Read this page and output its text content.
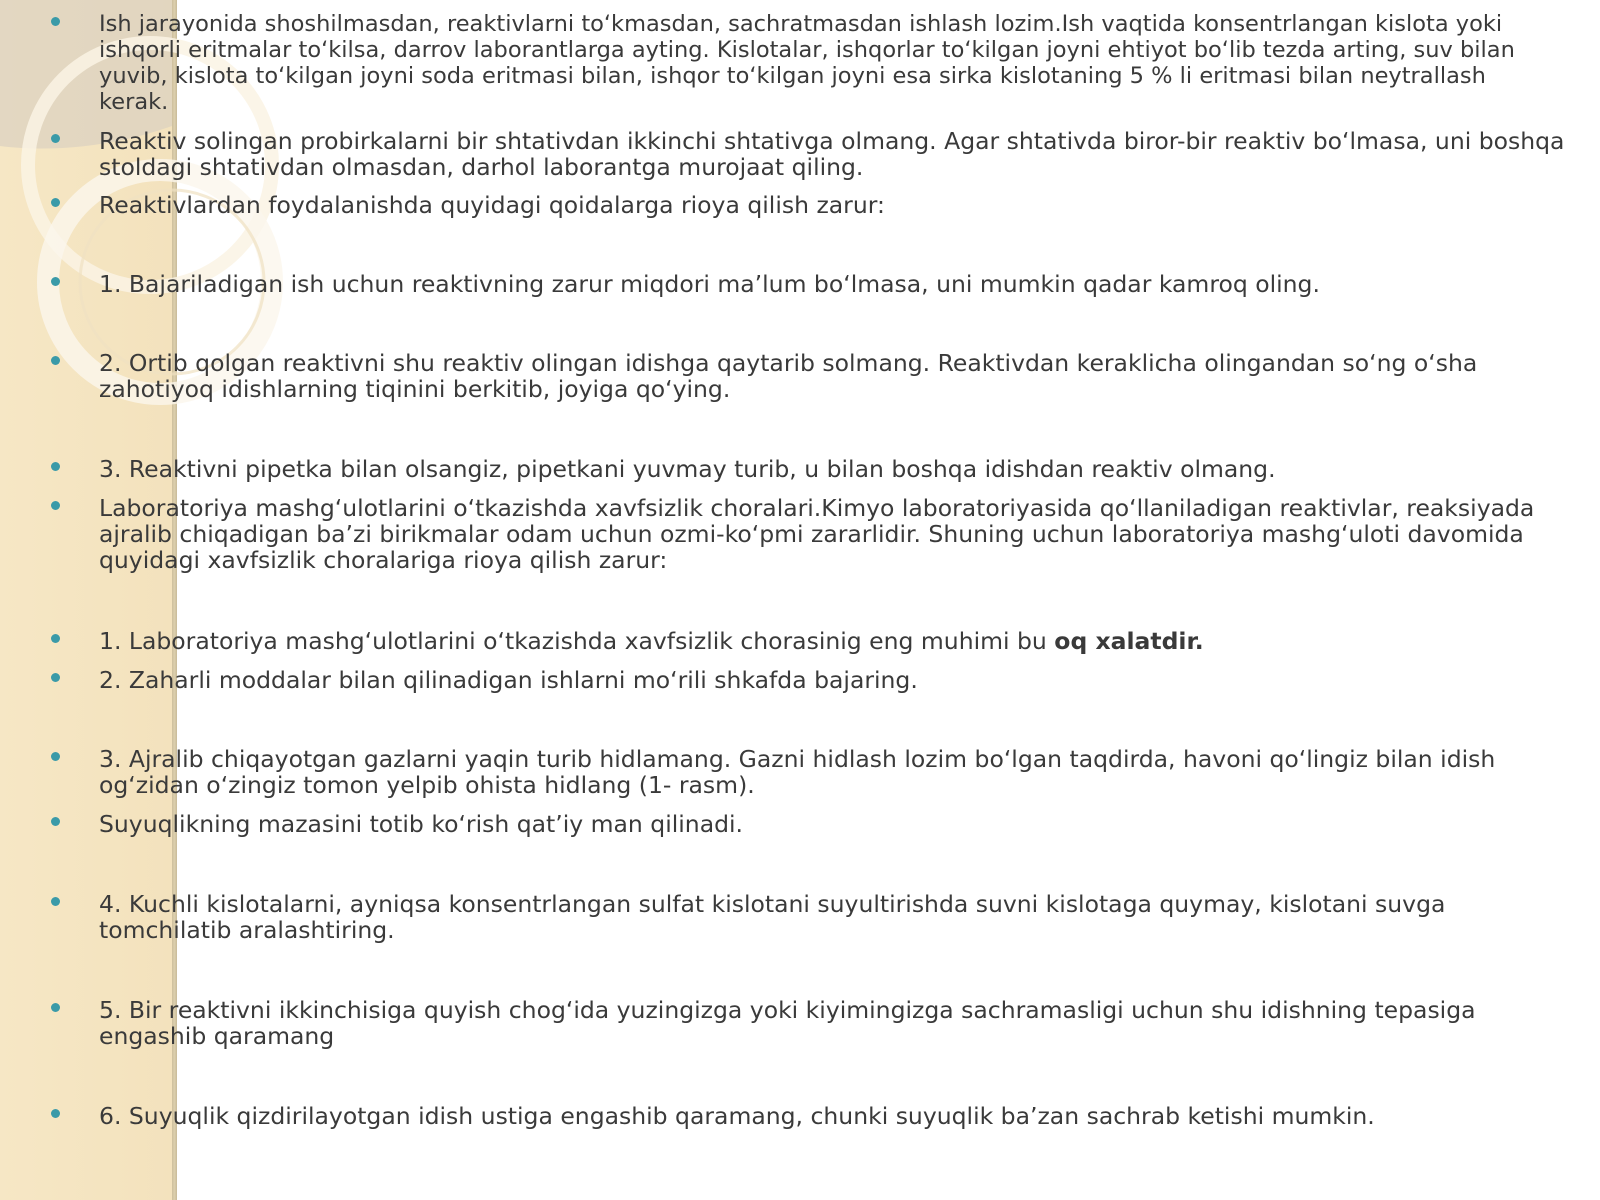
Ish jarayonida shoshilmasdan, reaktivlarni to‘kmasdan, sachratmasdan ishlash lozim.Ish vaqtida konsentrlangan kislota yoki
ishqorli eritmalar to‘kilsa, darrov laborantlarga ayting. Kislotalar, ishqorlar to‘kilgan joyni ehtiyot bo‘lib tezda arting, suv bilan
yuvib, kislota to‘kilgan joyni soda eritmasi bilan, ishqor to‘kilgan joyni esa sirka kislotaning 5 % li eritmasi bilan neytrallash
kerak.
Reaktiv solingan probirkalarni bir shtativdan ikkinchi shtativga olmang. Agar shtativda biror-bir reaktiv bo‘lmasa, uni boshqa
stoldagi shtativdan olmasdan, darhol laborantga murojaat qiling.
Reaktivlardan foydalanishda quyidagi qoidalarga rioya qilish zarur:
1. Bajariladigan ish uchun reaktivning zarur miqdori ma’lum bo‘lmasa, uni mumkin qadar kamroq oling.
2. Ortib qolgan reaktivni shu reaktiv olingan idishga qaytarib solmang. Reaktivdan keraklicha olingandan so‘ng o‘sha
zahotiyoq idishlarning tiqinini berkitib, joyiga qo‘ying.
3. Reaktivni pipetka bilan olsangiz, pipetkani yuvmay turib, u bilan boshqa idishdan reaktiv olmang.
Laboratoriya mashg‘ulotlarini o‘tkazishda xavfsizlik choralari.Kimyo laboratoriyasida qo‘llaniladigan reaktivlar, reaksiyada
ajralib chiqadigan ba’zi birikmalar odam uchun ozmi-ko‘pmi zararlidir. Shuning uchun laboratoriya mashg‘uloti davomida
quyidagi xavfsizlik choralariga rioya qilish zarur:
1. Laboratoriya mashg‘ulotlarini o‘tkazishda xavfsizlik chorasinig eng muhimi bu oq xalatdir.
2. Zaharli moddalar bilan qilinadigan ishlarni mo‘rili shkafda bajaring.
3. Ajralib chiqayotgan gazlarni yaqin turib hidlamang. Gazni hidlash lozim bo‘lgan taqdirda, havoni qo‘lingiz bilan idish
og‘zidan o‘zingiz tomon yelpib ohista hidlang (1- rasm).
Suyuqlikning mazasini totib ko‘rish qat’iy man qilinadi.
4. Kuchli kislotalarni, ayniqsa konsentrlangan sulfat kislotani suyultirishda suvni kislotaga quymay, kislotani suvga
tomchilatib aralashtiring.
5. Bir reaktivni ikkinchisiga quyish chog‘ida yuzingizga yoki kiyimingizga sachramasligi uchun shu idishning tepasiga
engashib qaramang
6. Suyuqlik qizdirilayotgan idish ustiga engashib qaramang, chunki suyuqlik ba’zan sachrab ketishi mumkin.
